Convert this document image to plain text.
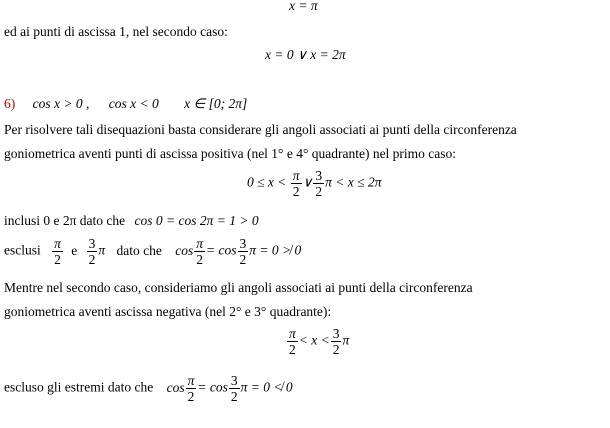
x = π
ed ai punti di ascissa 1, nel secondo caso:
x = 0 ∨ x = 2π
6) cos x > 0 , cos x < 0 x ∈ [0; 2π]
Per risolvere tali disequazioni basta considerare gli angoli associati ai punti della circonferenza
goniometrica aventi punti di ascissa positiva (nel 1° e 4° quadrante) nel primo caso:
$0 \le x < \frac{\pi}{2}$ ∨ $\frac{3}{2}$ π < x ≤ 2π
inclusi 0 e 2π dato che cos 0 = cos 2π = 1 > 0
esclusi $\frac{\pi}{2}$ e $\frac{3}{2}$ π dato che $\cos \frac{\pi}{2} = \cos \frac{3}{2}$ π = 0 ≯ 0
Mentre nel secondo caso, consideriamo gli angoli associati ai punti della circonferenza
goniometrica aventi ascissa negativa (nel 2° e 3° quadrante):
$\frac{\pi}{2} < x < \frac{3}{2}$ π
escluso gli estremi dato che $\cos \frac{\pi}{2} = \cos \frac{3}{2}$ π = 0 ≮ 0
